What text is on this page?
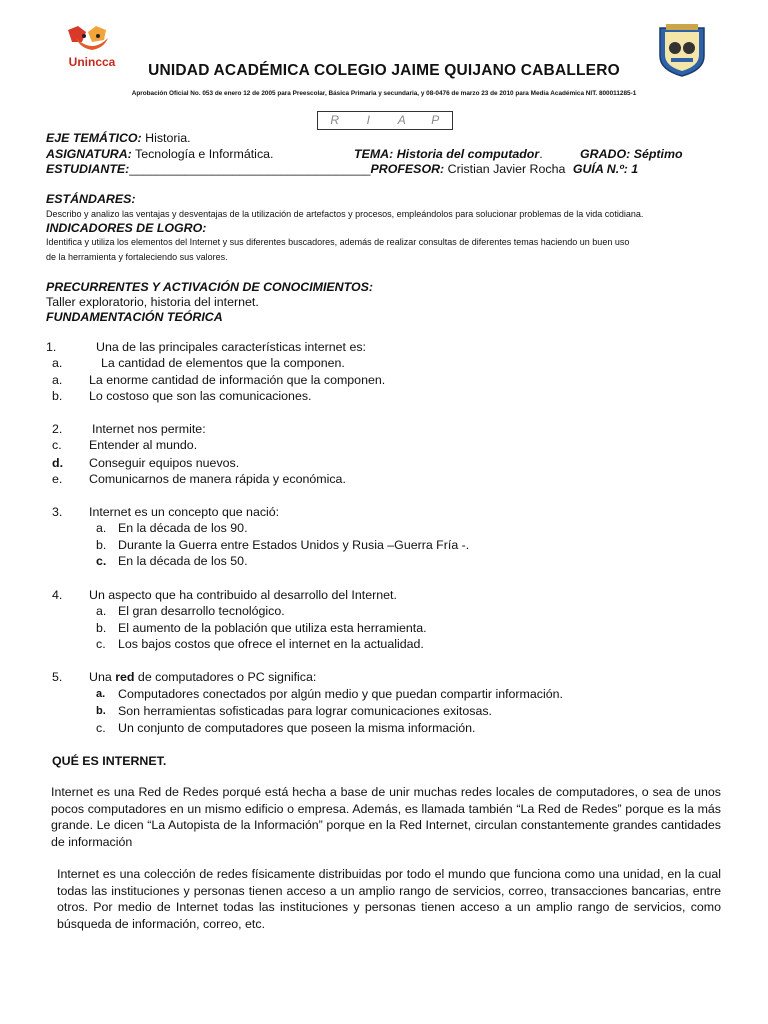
Unincca	UNIDAD ACADÉMICA COLEGIO JAIME QUIJANO CABALLERO
Aprobación Oficial No. 053 de enero 12 de 2005 para Preescolar, Básica Primaria y secundaria, y 08-0476 de marzo 23 de 2010 para Media Académica NIT. 800011285-1
R	I	A	P
EJE TEMÁTICO: Historia.
ASIGNATURA: Tecnología e Informática.	TEMA: Historia del computador.	GRADO: Séptimo
ESTUDIANTE:___________________________________PROFESOR: Cristian Javier Rocha GUÍA N.º: 1
ESTÁNDARES:
Describo y analizo las ventajas y desventajas de la utilización de artefactos y procesos, empleándolos para solucionar problemas de la vida cotidiana.
INDICADORES DE LOGRO:
Identifica y utiliza los elementos del Internet y sus diferentes buscadores, además de realizar consultas de diferentes temas haciendo un buen uso
de la herramienta y fortaleciendo sus valores.
PRECURRENTES Y ACTIVACIÓN DE CONOCIMIENTOS:
Taller exploratorio, historia del internet.
FUNDAMENTACIÓN TEÓRICA
1.	Una de las principales características internet es:
a.	La cantidad de elementos que la componen.
a. La enorme cantidad de información que la componen.
b. Lo costoso que son las comunicaciones.
2. Internet nos permite:
c. Entender al mundo.
d. Conseguir equipos nuevos.
e. Comunicarnos de manera rápida y económica.
3. Internet es un concepto que nació:
a. En la década de los 90.
b. Durante la Guerra entre Estados Unidos y Rusia –Guerra Fría -.
c. En la década de los 50.
4. Un aspecto que ha contribuido al desarrollo del Internet.
a. El gran desarrollo tecnológico.
b. El aumento de la población que utiliza esta herramienta.
c. Los bajos costos que ofrece el internet en la actualidad.
5. Una red de computadores o PC significa:
a. Computadores conectados por algún medio y que puedan compartir información.
b. Son herramientas sofisticadas para lograr comunicaciones exitosas.
c. Un conjunto de computadores que poseen la misma información.
QUÉ ES INTERNET.
Internet es una Red de Redes porqué está hecha a base de unir muchas redes locales de computadores, o sea de unos pocos computadores en un mismo edificio o empresa. Además, es llamada también “La Red de Redes” porque es la más grande. Le dicen “La Autopista de la Información” porque en la Red Internet, circulan constantemente grandes cantidades de información
Internet es una colección de redes físicamente distribuidas por todo el mundo que funciona como una unidad, en la cual todas las instituciones y personas tienen acceso a un amplio rango de servicios, correo, transacciones bancarias, entre otros. Por medio de Internet todas las instituciones y personas tienen acceso a un amplio rango de servicios, como búsqueda de información, correo, etc.
